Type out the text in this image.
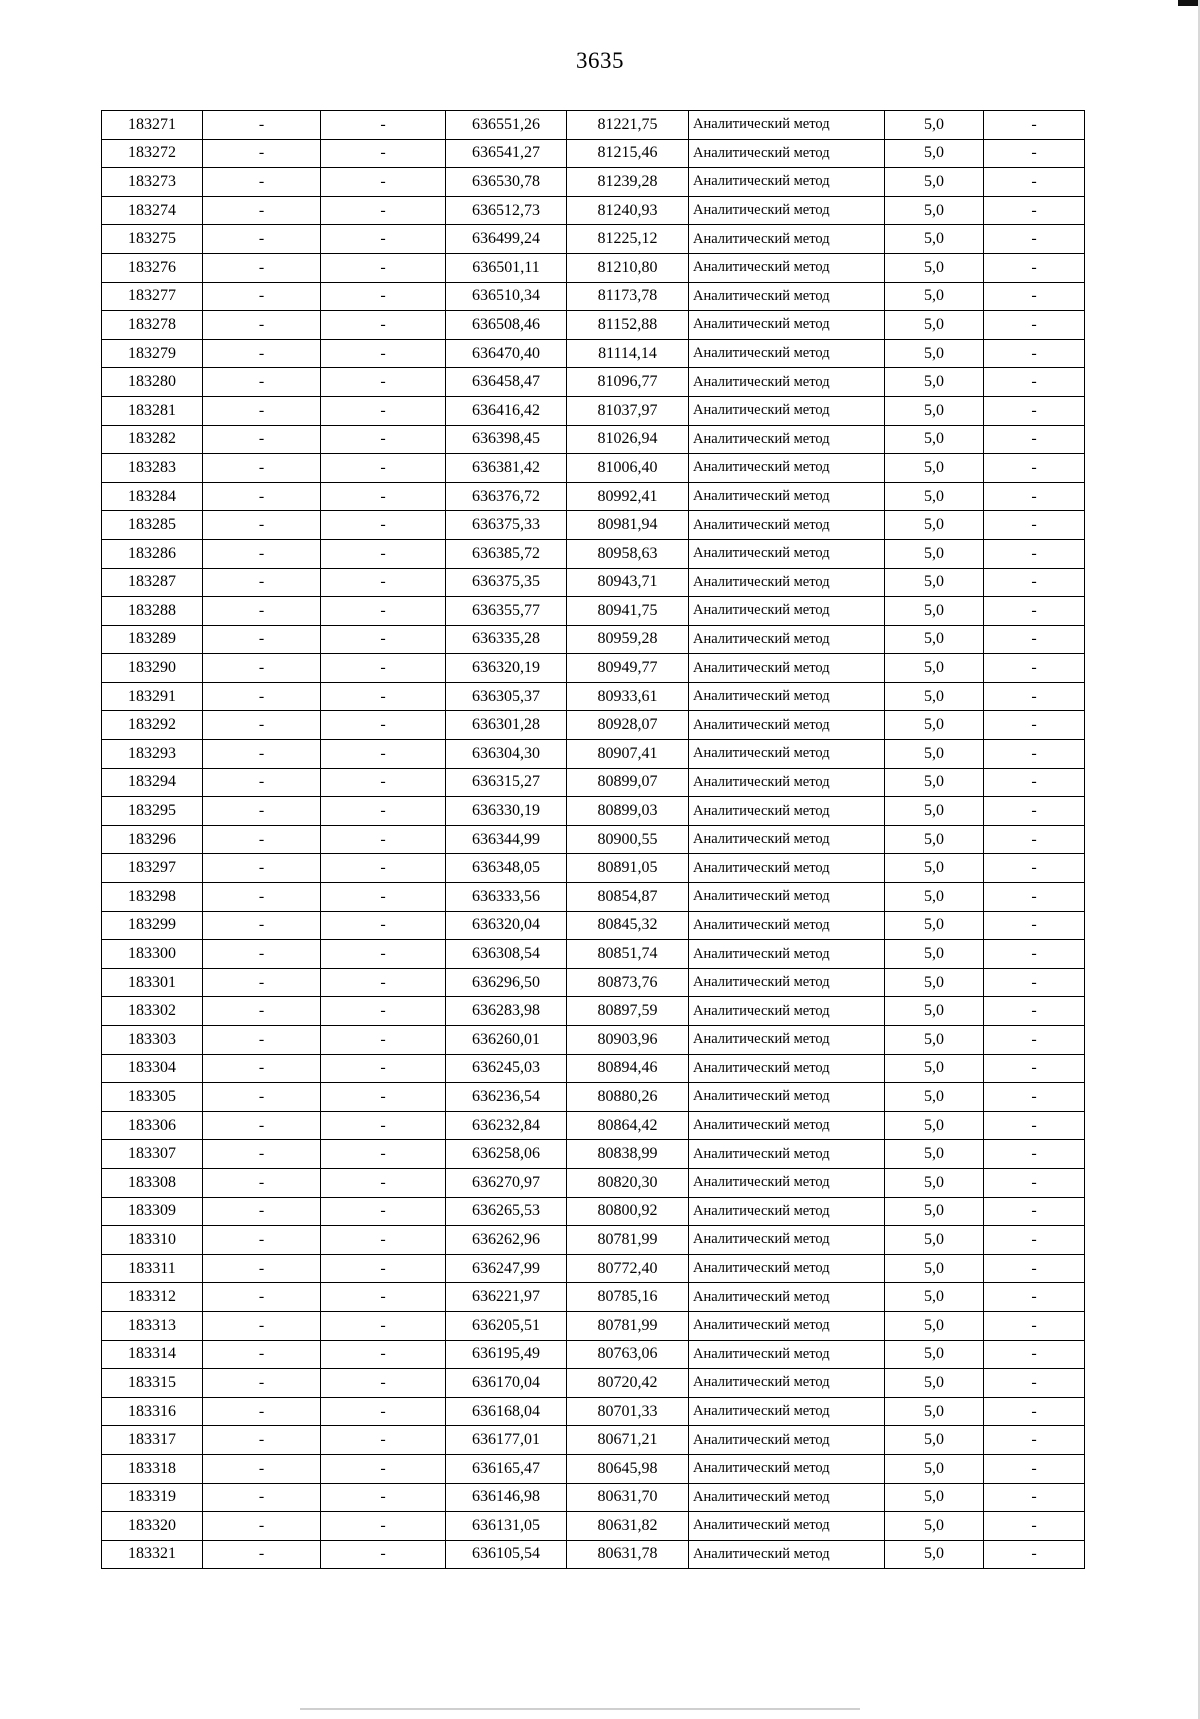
3635
183271	-	-	636551,26	81221,75	Аналитический метод	5,0	-
183272	-	-	636541,27	81215,46	Аналитический метод	5,0	-
183273	-	-	636530,78	81239,28	Аналитический метод	5,0	-
183274	-	-	636512,73	81240,93	Аналитический метод	5,0	-
183275	-	-	636499,24	81225,12	Аналитический метод	5,0	-
183276	-	-	636501,11	81210,80	Аналитический метод	5,0	-
183277	-	-	636510,34	81173,78	Аналитический метод	5,0	-
183278	-	-	636508,46	81152,88	Аналитический метод	5,0	-
183279	-	-	636470,40	81114,14	Аналитический метод	5,0	-
183280	-	-	636458,47	81096,77	Аналитический метод	5,0	-
183281	-	-	636416,42	81037,97	Аналитический метод	5,0	-
183282	-	-	636398,45	81026,94	Аналитический метод	5,0	-
183283	-	-	636381,42	81006,40	Аналитический метод	5,0	-
183284	-	-	636376,72	80992,41	Аналитический метод	5,0	-
183285	-	-	636375,33	80981,94	Аналитический метод	5,0	-
183286	-	-	636385,72	80958,63	Аналитический метод	5,0	-
183287	-	-	636375,35	80943,71	Аналитический метод	5,0	-
183288	-	-	636355,77	80941,75	Аналитический метод	5,0	-
183289	-	-	636335,28	80959,28	Аналитический метод	5,0	-
183290	-	-	636320,19	80949,77	Аналитический метод	5,0	-
183291	-	-	636305,37	80933,61	Аналитический метод	5,0	-
183292	-	-	636301,28	80928,07	Аналитический метод	5,0	-
183293	-	-	636304,30	80907,41	Аналитический метод	5,0	-
183294	-	-	636315,27	80899,07	Аналитический метод	5,0	-
183295	-	-	636330,19	80899,03	Аналитический метод	5,0	-
183296	-	-	636344,99	80900,55	Аналитический метод	5,0	-
183297	-	-	636348,05	80891,05	Аналитический метод	5,0	-
183298	-	-	636333,56	80854,87	Аналитический метод	5,0	-
183299	-	-	636320,04	80845,32	Аналитический метод	5,0	-
183300	-	-	636308,54	80851,74	Аналитический метод	5,0	-
183301	-	-	636296,50	80873,76	Аналитический метод	5,0	-
183302	-	-	636283,98	80897,59	Аналитический метод	5,0	-
183303	-	-	636260,01	80903,96	Аналитический метод	5,0	-
183304	-	-	636245,03	80894,46	Аналитический метод	5,0	-
183305	-	-	636236,54	80880,26	Аналитический метод	5,0	-
183306	-	-	636232,84	80864,42	Аналитический метод	5,0	-
183307	-	-	636258,06	80838,99	Аналитический метод	5,0	-
183308	-	-	636270,97	80820,30	Аналитический метод	5,0	-
183309	-	-	636265,53	80800,92	Аналитический метод	5,0	-
183310	-	-	636262,96	80781,99	Аналитический метод	5,0	-
183311	-	-	636247,99	80772,40	Аналитический метод	5,0	-
183312	-	-	636221,97	80785,16	Аналитический метод	5,0	-
183313	-	-	636205,51	80781,99	Аналитический метод	5,0	-
183314	-	-	636195,49	80763,06	Аналитический метод	5,0	-
183315	-	-	636170,04	80720,42	Аналитический метод	5,0	-
183316	-	-	636168,04	80701,33	Аналитический метод	5,0	-
183317	-	-	636177,01	80671,21	Аналитический метод	5,0	-
183318	-	-	636165,47	80645,98	Аналитический метод	5,0	-
183319	-	-	636146,98	80631,70	Аналитический метод	5,0	-
183320	-	-	636131,05	80631,82	Аналитический метод	5,0	-
183321	-	-	636105,54	80631,78	Аналитический метод	5,0	-
